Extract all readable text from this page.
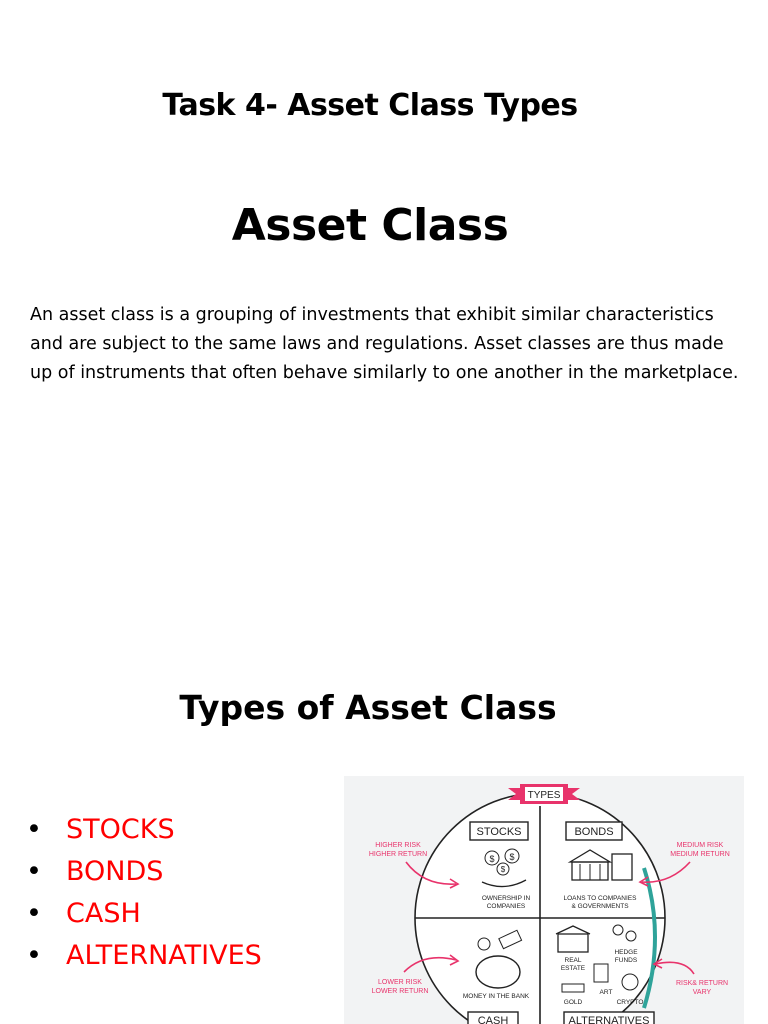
Task 4- Asset Class Types
Asset Class
An asset class is a grouping of investments that exhibit similar characteristics and are subject to the same laws and regulations. Asset classes are thus made up of instruments that often behave similarly to one another in the marketplace.
Types of Asset Class
• STOCKS
• BONDS
• CASH
• ALTERNATIVES
TYPES
STOCKS
$ $
$
OWNERSHIP IN
COMPANIES
BONDS
LOANS TO COMPANIES
& GOVERNMENTS
MONEY IN THE BANK
CASH
REAL
ESTATE
HEDGE
FUNDS
ART
GOLD	CRYPTO
ALTERNATIVES
HIGHER RISK
HIGHER RETURN
MEDIUM RISK
MEDIUM RETURN
LOWER RISK
LOWER RETURN
RISK& RETURN
VARY
